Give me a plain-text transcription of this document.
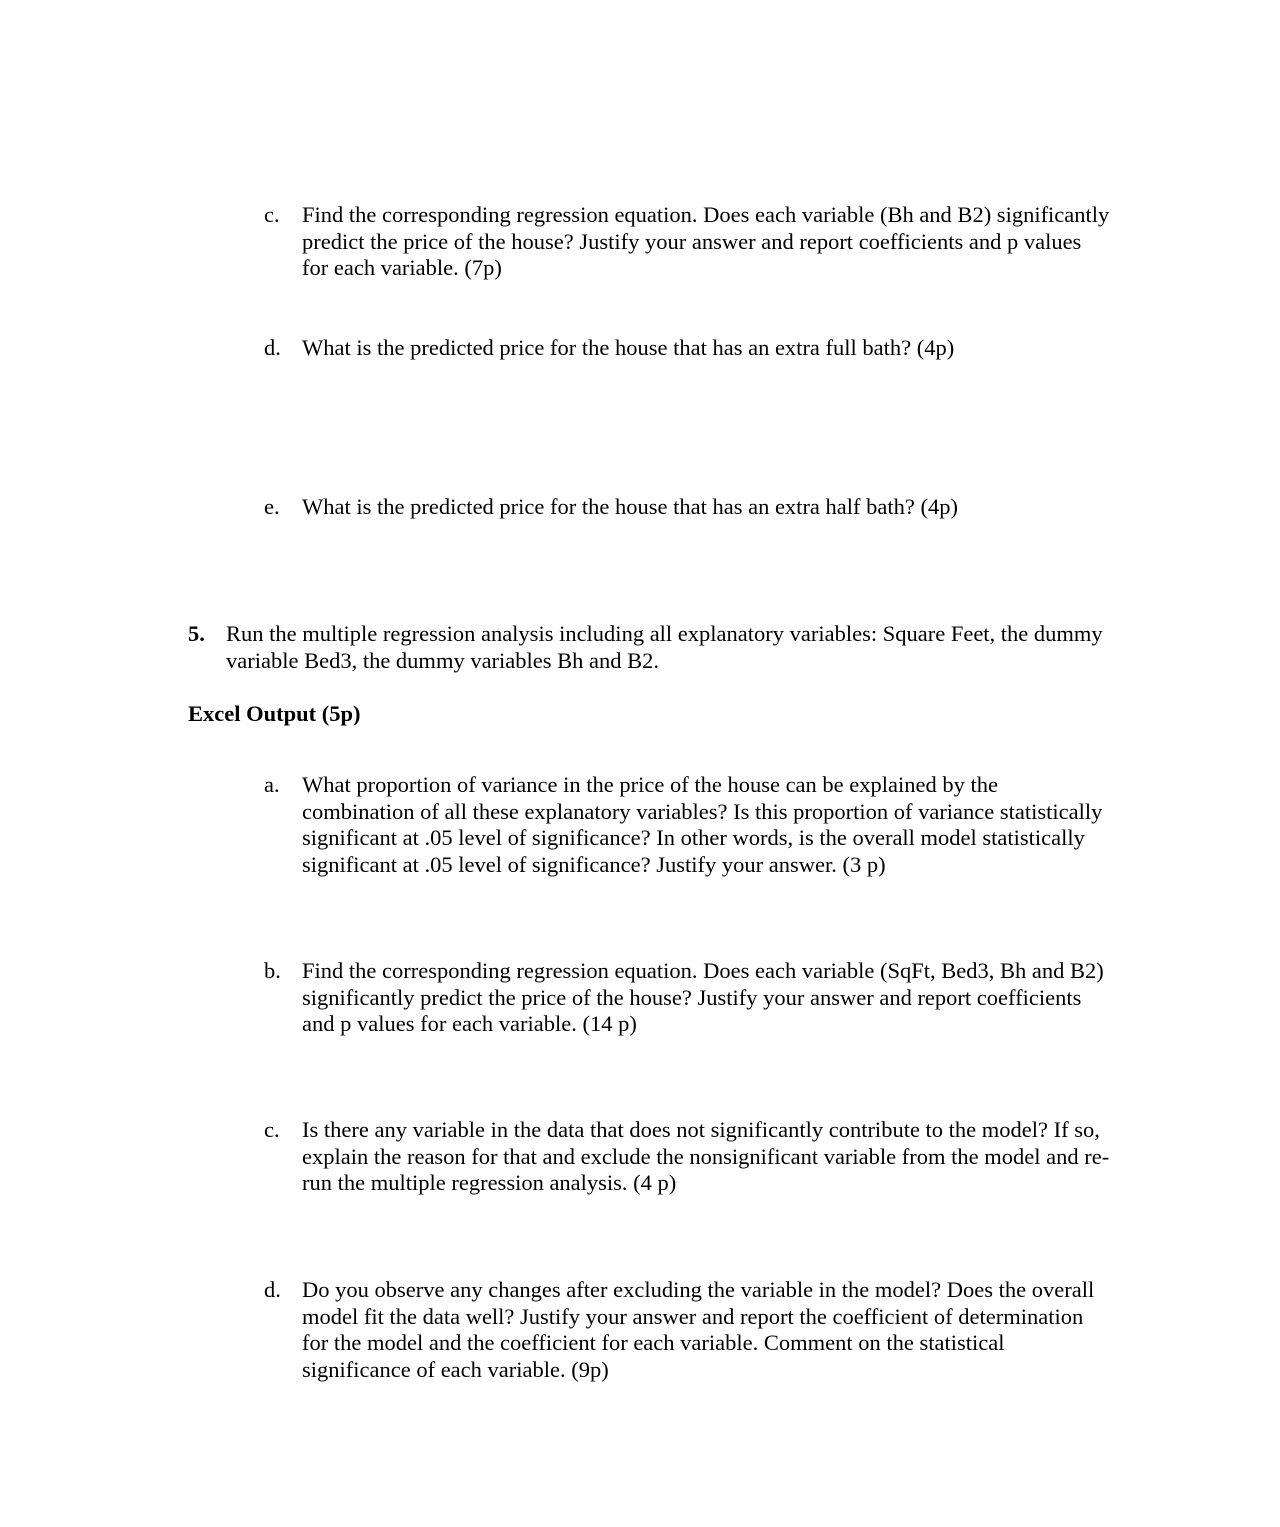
c. Find the corresponding regression equation. Does each variable (Bh and B2) significantly
predict the price of the house? Justify your answer and report coefficients and p values
for each variable. (7p)
d. What is the predicted price for the house that has an extra full bath? (4p)
e. What is the predicted price for the house that has an extra half bath? (4p)
5. Run the multiple regression analysis including all explanatory variables: Square Feet, the dummy
variable Bed3, the dummy variables Bh and B2.
Excel Output (5p)
a. What proportion of variance in the price of the house can be explained by the
combination of all these explanatory variables? Is this proportion of variance statistically
significant at .05 level of significance? In other words, is the overall model statistically
significant at .05 level of significance? Justify your answer. (3 p)
b. Find the corresponding regression equation. Does each variable (SqFt, Bed3, Bh and B2)
significantly predict the price of the house? Justify your answer and report coefficients
and p values for each variable. (14 p)
c. Is there any variable in the data that does not significantly contribute to the model? If so,
explain the reason for that and exclude the nonsignificant variable from the model and re-
run the multiple regression analysis. (4 p)
d. Do you observe any changes after excluding the variable in the model? Does the overall
model fit the data well? Justify your answer and report the coefficient of determination
for the model and the coefficient for each variable. Comment on the statistical
significance of each variable. (9p)
